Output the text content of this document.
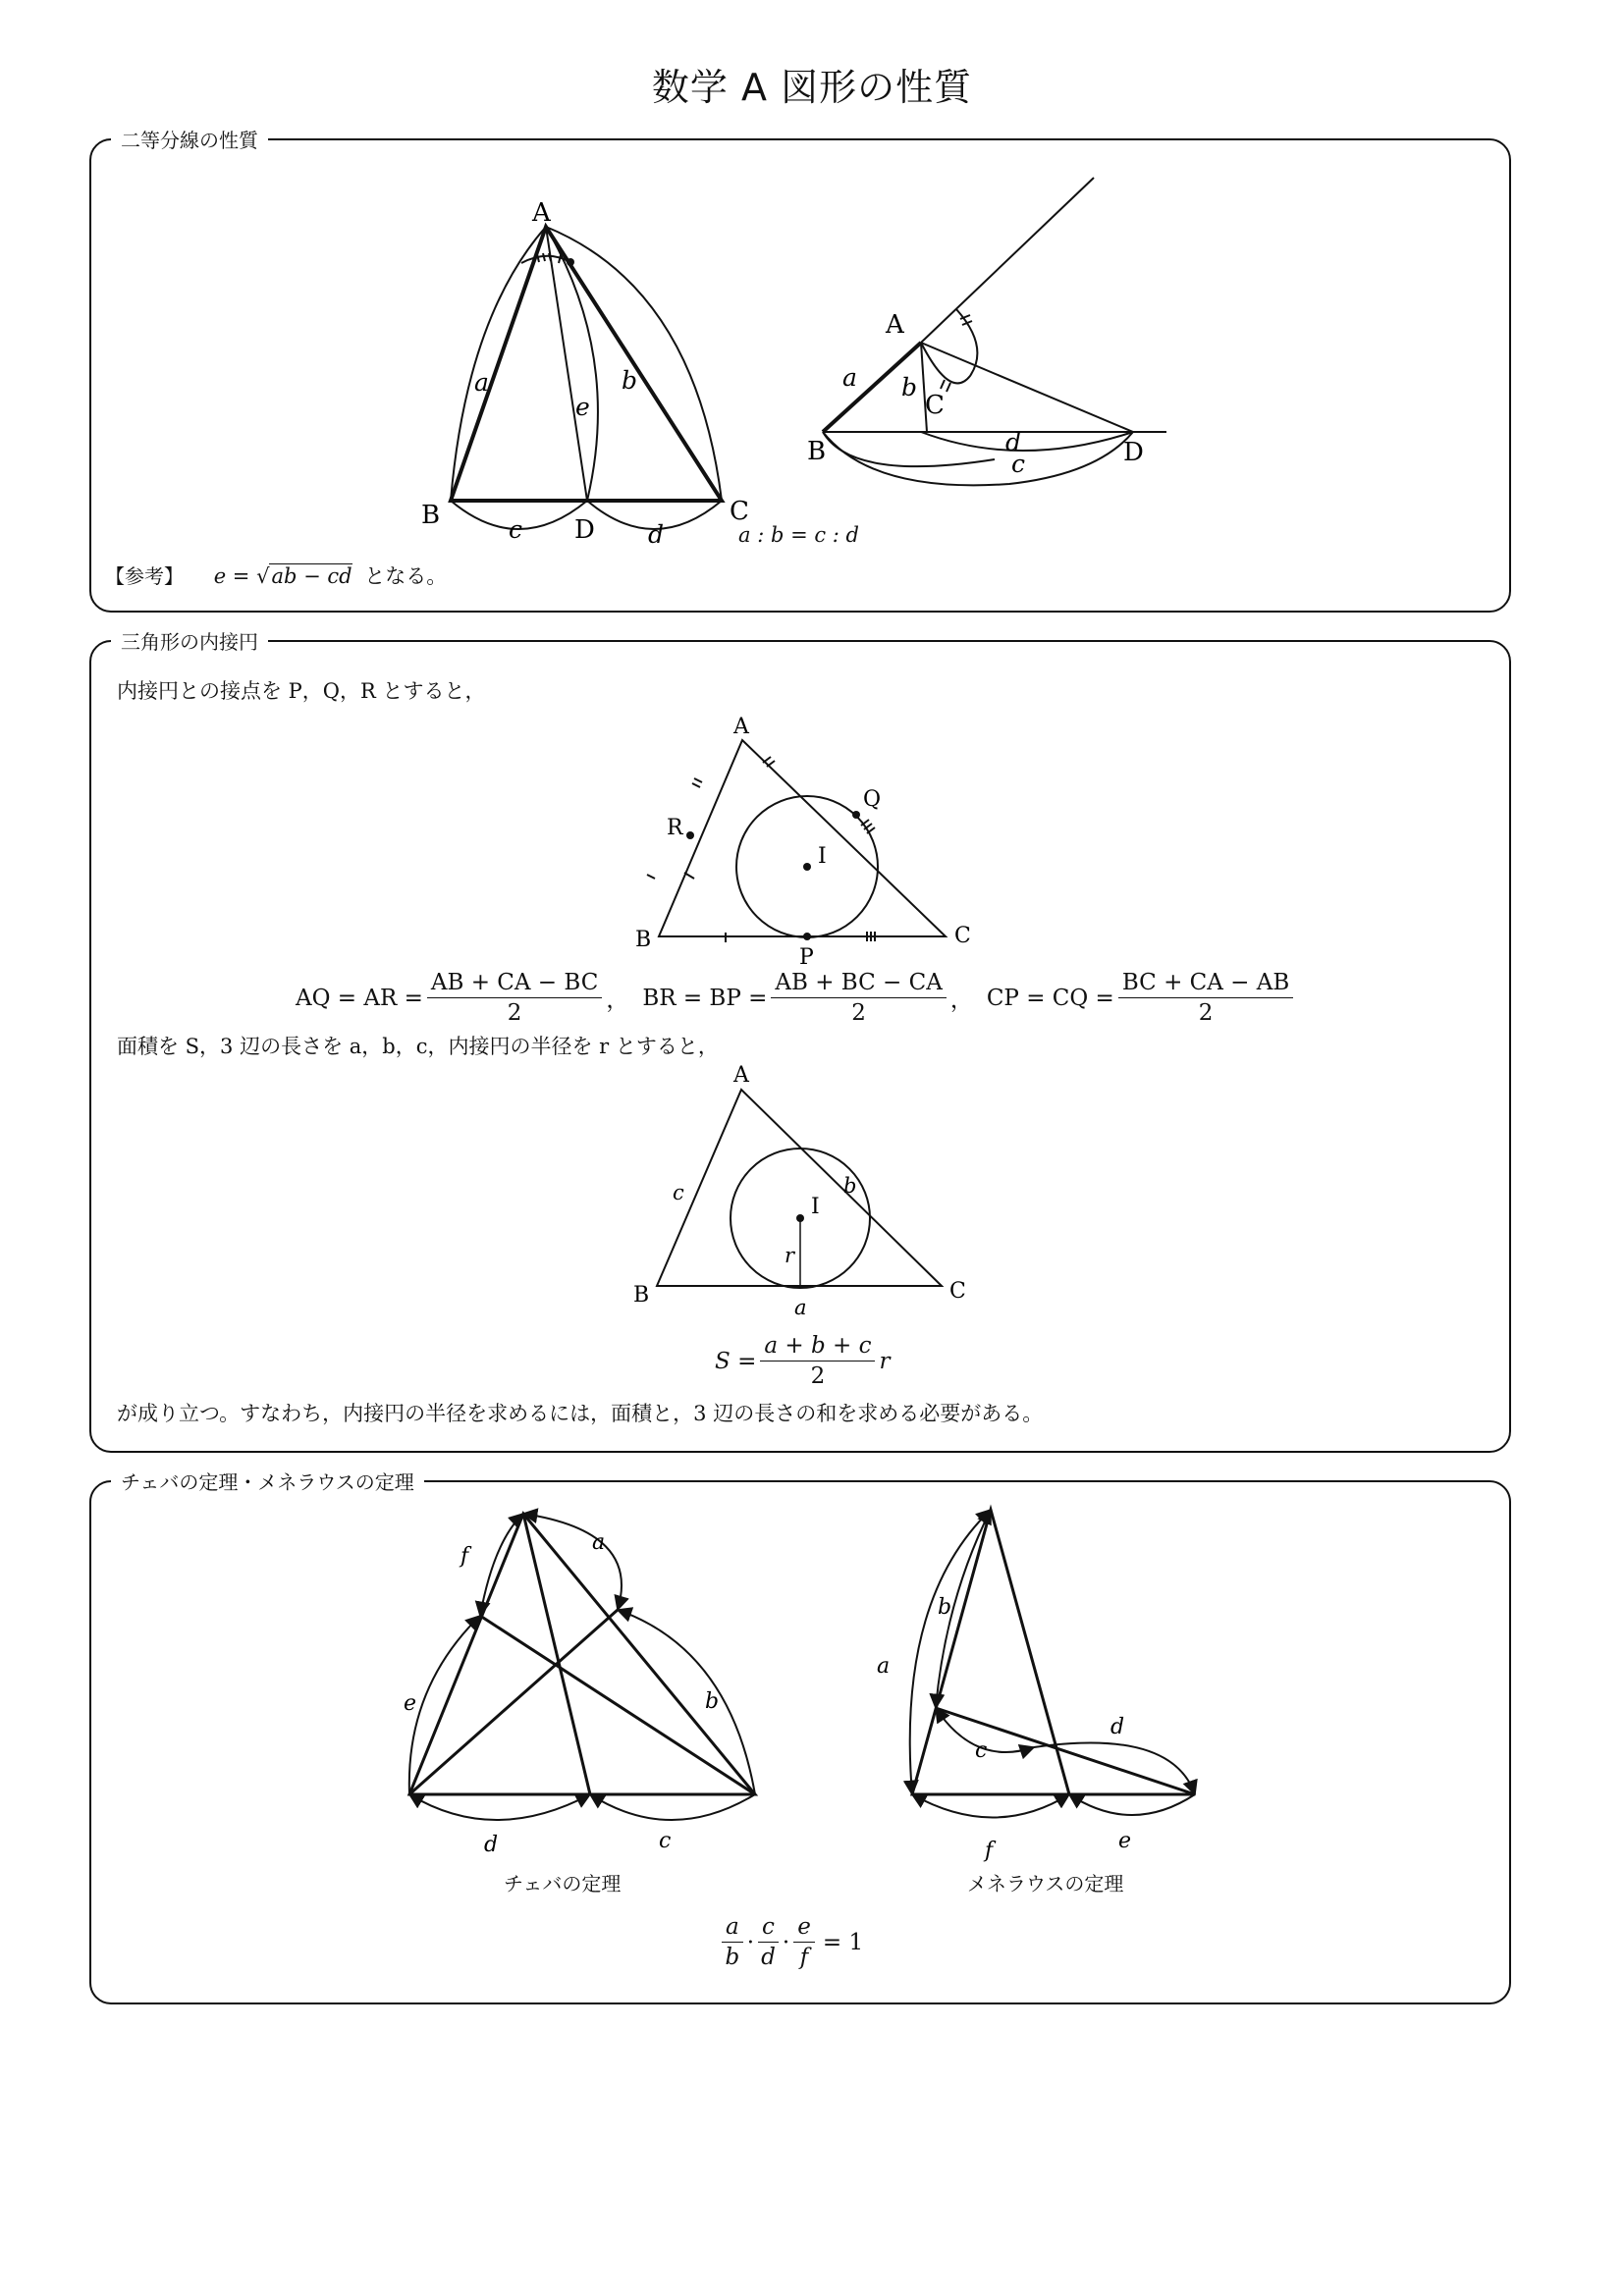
数学 A 図形の性質
二等分線の性質
A
B	C
D
a	b
c	d
e
A
B
C
D
a b
c
d
a : b = c : d
【参考】 e = √ab − cd となる。
三角形の内接円
内接円との接点を P，Q，R とすると，
A
B	C
I
P
Q
R
AQ = AR = $\frac{AB + CA - BC}{2}$ ， BR = BP = $\frac{AB + BC - CA}{2}$ ， CP = CQ = $\frac{BC + CA - AB}{2}$
面積を S，3 辺の長さを a，b，c，内接円の半径を r とすると，
A
B	C
I
c	b
a
r
$S = \frac{a + b + c}{2}$ r
が成り立つ。すなわち，内接円の半径を求めるには，面積と，3 辺の長さの和を求める必要がある。
チェバの定理・メネラウスの定理
f
a
e	b
d	c
a
b
c
d
f	e
チェバの定理	メネラウスの定理
$\frac{a}{b} \cdot \frac{c}{d} \cdot \frac{e}{f} = 1$
